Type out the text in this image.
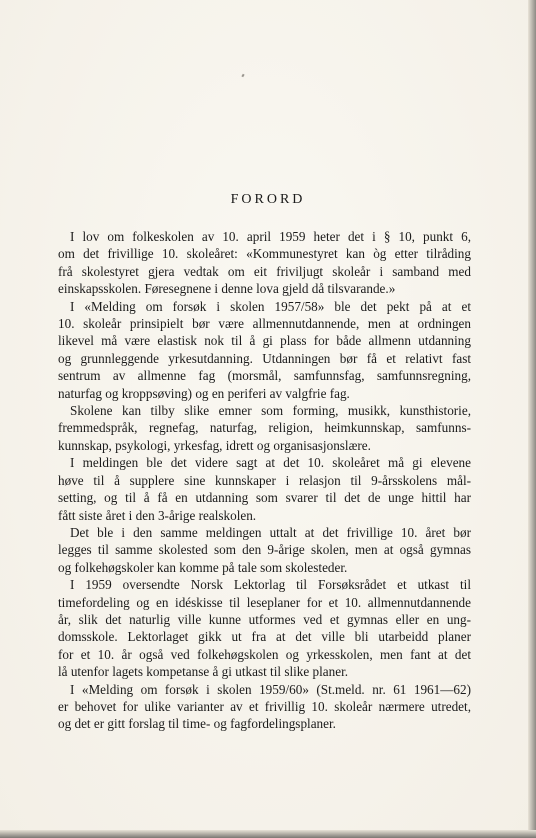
FORORD

I lov om folkeskolen av 10. april 1959 heter det i § 10, punkt 6,
om det frivillige 10. skoleåret: «Kommunestyret kan òg etter tilråding
frå skolestyret gjera vedtak om eit friviljugt skoleår i samband med
einskapsskolen. Føresegnene i denne lova gjeld då tilsvarande.»

I «Melding om forsøk i skolen 1957/58» ble det pekt på at et
10. skoleår prinsipielt bør være allmennutdannende, men at ordningen
likevel må være elastisk nok til å gi plass for både allmenn utdanning
og grunnleggende yrkesutdanning. Utdanningen bør få et relativt fast
sentrum av allmenne fag (morsmål, samfunnsfag, samfunnsregning,
naturfag og kroppsøving) og en periferi av valgfrie fag.

Skolene kan tilby slike emner som forming, musikk, kunsthistorie,
fremmedspråk, regnefag, naturfag, religion, heimkunnskap, samfunns-
kunnskap, psykologi, yrkesfag, idrett og organisasjonslære.

I meldingen ble det videre sagt at det 10. skoleåret må gi elevene
høve til å supplere sine kunnskaper i relasjon til 9-årsskolens mål-
setting, og til å få en utdanning som svarer til det de unge hittil har
fått siste året i den 3-årige realskolen.

Det ble i den samme meldingen uttalt at det frivillige 10. året bør
legges til samme skolested som den 9-årige skolen, men at også gymnas
og folkehøgskoler kan komme på tale som skolesteder.

I 1959 oversendte Norsk Lektorlag til Forsøksrådet et utkast til
timefordeling og en idéskisse til leseplaner for et 10. allmennutdannende
år, slik det naturlig ville kunne utformes ved et gymnas eller en ung-
domsskole. Lektorlaget gikk ut fra at det ville bli utarbeidd planer
for et 10. år også ved folkehøgskolen og yrkesskolen, men fant at det
lå utenfor lagets kompetanse å gi utkast til slike planer.

I «Melding om forsøk i skolen 1959/60» (St.meld. nr. 61 1961—62)
er behovet for ulike varianter av et frivillig 10. skoleår nærmere utredet,
og det er gitt forslag til time- og fagfordelingsplaner.
